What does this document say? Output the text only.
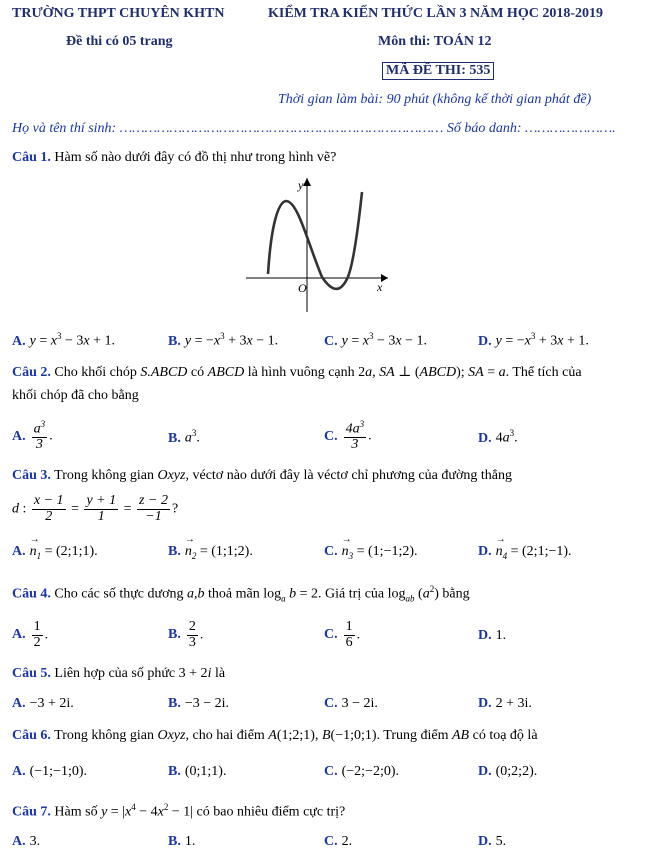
TRƯỜNG THPT CHUYÊN KHTN	KIỂM TRA KIẾN THỨC LẦN 3 NĂM HỌC 2018-2019
Đề thi có 05 trang	Môn thi: TOÁN 12
MÃ ĐỀ THI: 535
Thời gian làm bài: 90 phút (không kể thời gian phát đề)
Họ và tên thí sinh: …………………………………………………………………… Số báo danh: ………………….
Câu 1. Hàm số nào dưới đây có đồ thị như trong hình vẽ?
y
x
O
A. $y = x^3 - 3x + 1$.	B. $y = -x^3 + 3x - 1$.	C. $y = x^3 - 3x - 1$.	D. $y = -x^3 + 3x + 1$.
Câu 2. Cho khối chóp S.ABCD có ABCD là hình vuông cạnh 2a, SA ⊥ (ABCD); SA = a. Thể tích của
khối chóp đã cho bằng
A. $\frac{a^3}{3}$ .	B. $a^3$.	C. $\frac{4a^3}{3}$ .	D. $4a^3$.
Câu 3. Trong không gian Oxyz, véctơ nào dưới đây là véctơ chỉ phương của đường thẳng
d : $\frac{x - 1}{2} = \frac{y + 1}{1} = \frac{z - 2}{-1}$ ?
$A.\to n_1$ = (2;1;1).	$B.\to n_2$ = (1;1;2).	$C.\to n_3$ = (1;−1;2).	$D.\to n_4$ = (2;1;−1).
Câu 4. Cho các số thực dương a,b thoả mãn $\log_a b = 2$. Giá trị của $\log_{ab} (a^2)$ bằng
A. $\frac{1}{2}$ .	B. $\frac{2}{3}$ .	C. $\frac{1}{6}$ .	D. 1.
Câu 5. Liên hợp của số phức 3 + 2i là
A. −3 + 2i.	B. −3 − 2i.	C. 3 − 2i.	D. 2 + 3i.
Câu 6. Trong không gian Oxyz, cho hai điểm A(1;2;1), B(−1;0;1). Trung điểm AB có toạ độ là
A. (−1;−1;0).	B. (0;1;1).	C. (−2;−2;0).	D. (0;2;2).
Câu 7. Hàm số $y = |x^4 - 4x^2 - 1|$ có bao nhiêu điểm cực trị?
A. 3.	B. 1.	C. 2.	D. 5.
